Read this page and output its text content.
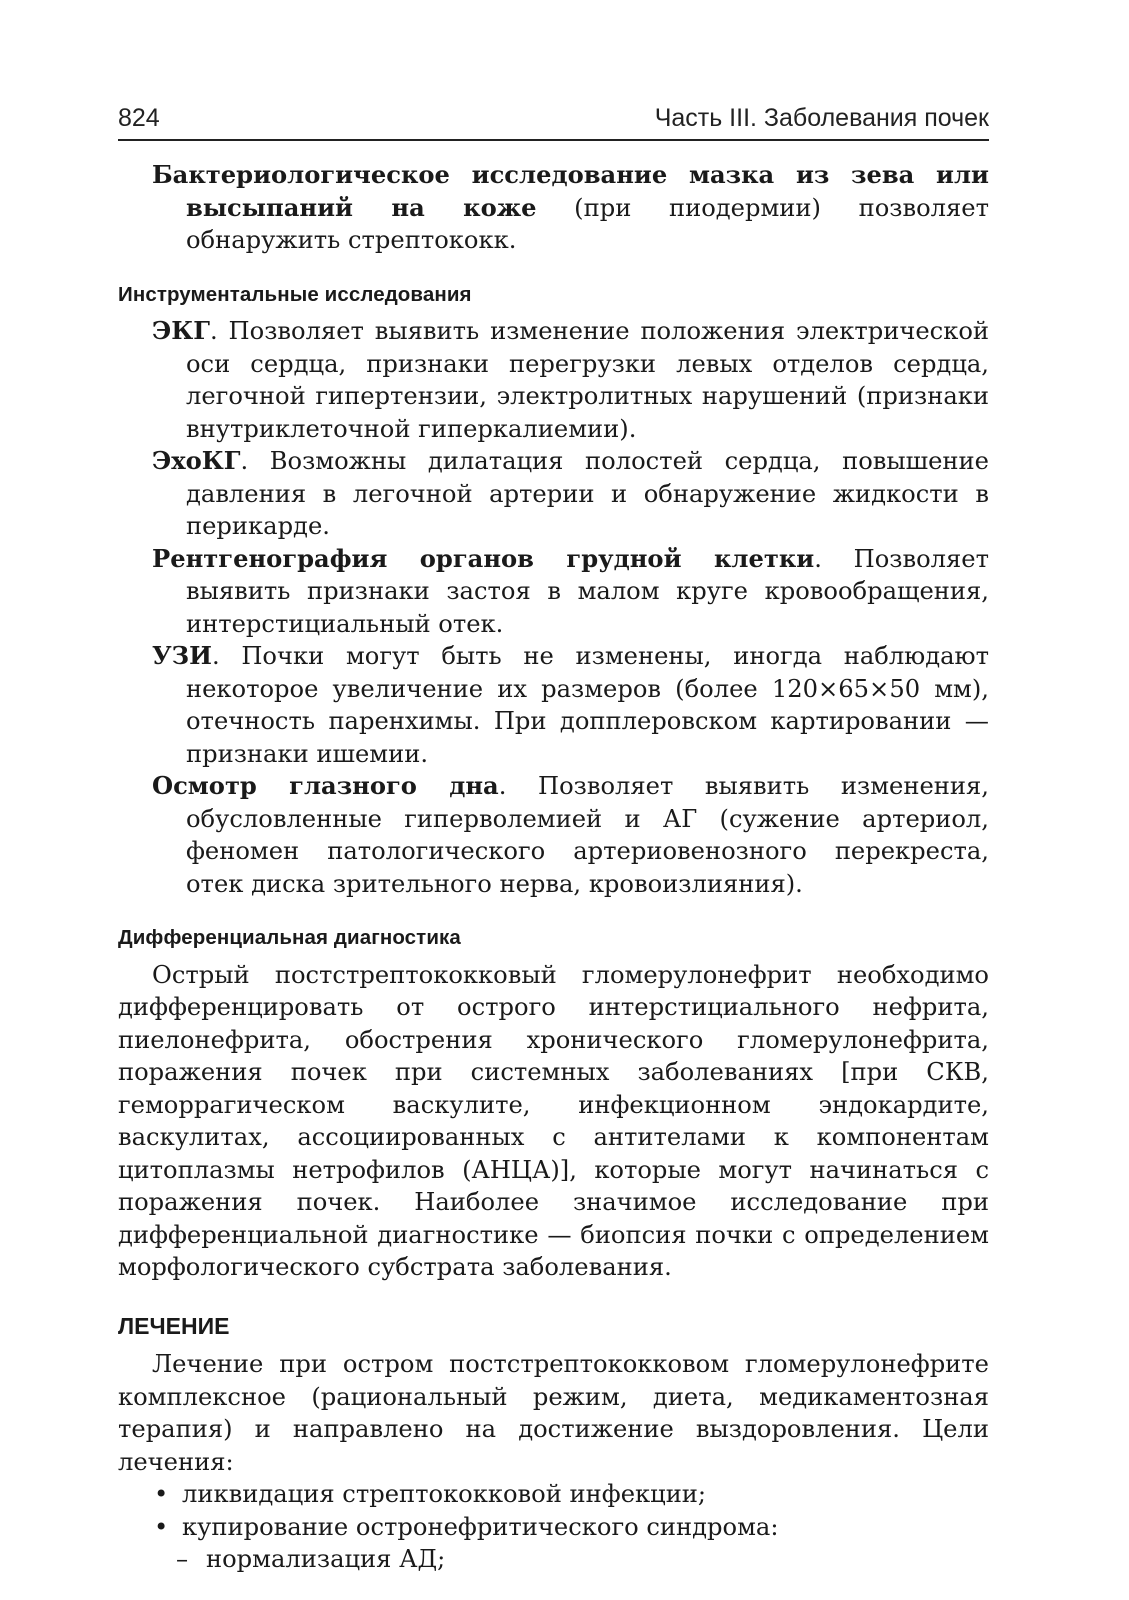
824	Часть III. Заболевания почек

Бактериологическое исследование мазка из зева или высыпаний на коже (при пиодермии) позволяет обнаружить стрептококк.

Инструментальные исследования

ЭКГ. Позволяет выявить изменение положения электрической оси сердца, признаки перегрузки левых отделов сердца, легочной гипертензии, электролитных нарушений (признаки внутриклеточной гиперкалиемии).

ЭхоКГ. Возможны дилатация полостей сердца, повышение давления в легочной артерии и обнаружение жидкости в перикарде.

Рентгенография органов грудной клетки. Позволяет выявить признаки застоя в малом круге кровообращения, интерстициальный отек.

УЗИ. Почки могут быть не изменены, иногда наблюдают некоторое увеличение их размеров (более 120×65×50 мм), отечность паренхимы. При допплеровском картировании — признаки ишемии.

Осмотр глазного дна. Позволяет выявить изменения, обусловленные гиперволемией и АГ (сужение артериол, феномен патологического артериовенозного перекреста, отек диска зрительного нерва, кровоизлияния).

Дифференциальная диагностика

Острый постстрептококковый гломерулонефрит необходимо дифференцировать от острого интерстициального нефрита, пиелонефрита, обострения хронического гломерулонефрита, поражения почек при системных заболеваниях [при СКВ, геморрагическом васкулите, инфекционном эндокардите, васкулитах, ассоциированных с антителами к компонентам цитоплазмы нетрофилов (АНЦА)], которые могут начинаться с поражения почек. Наиболее значимое исследование при дифференциальной диагностике — биопсия почки с определением морфологического субстрата заболевания.

ЛЕЧЕНИЕ

Лечение при остром постстрептококковом гломерулонефрите комплексное (рациональный режим, диета, медикаментозная терапия) и направлено на достижение выздоровления. Цели лечения:

• ликвидация стрептококковой инфекции;
• купирование остронефритического синдрома:
– нормализация АД;
